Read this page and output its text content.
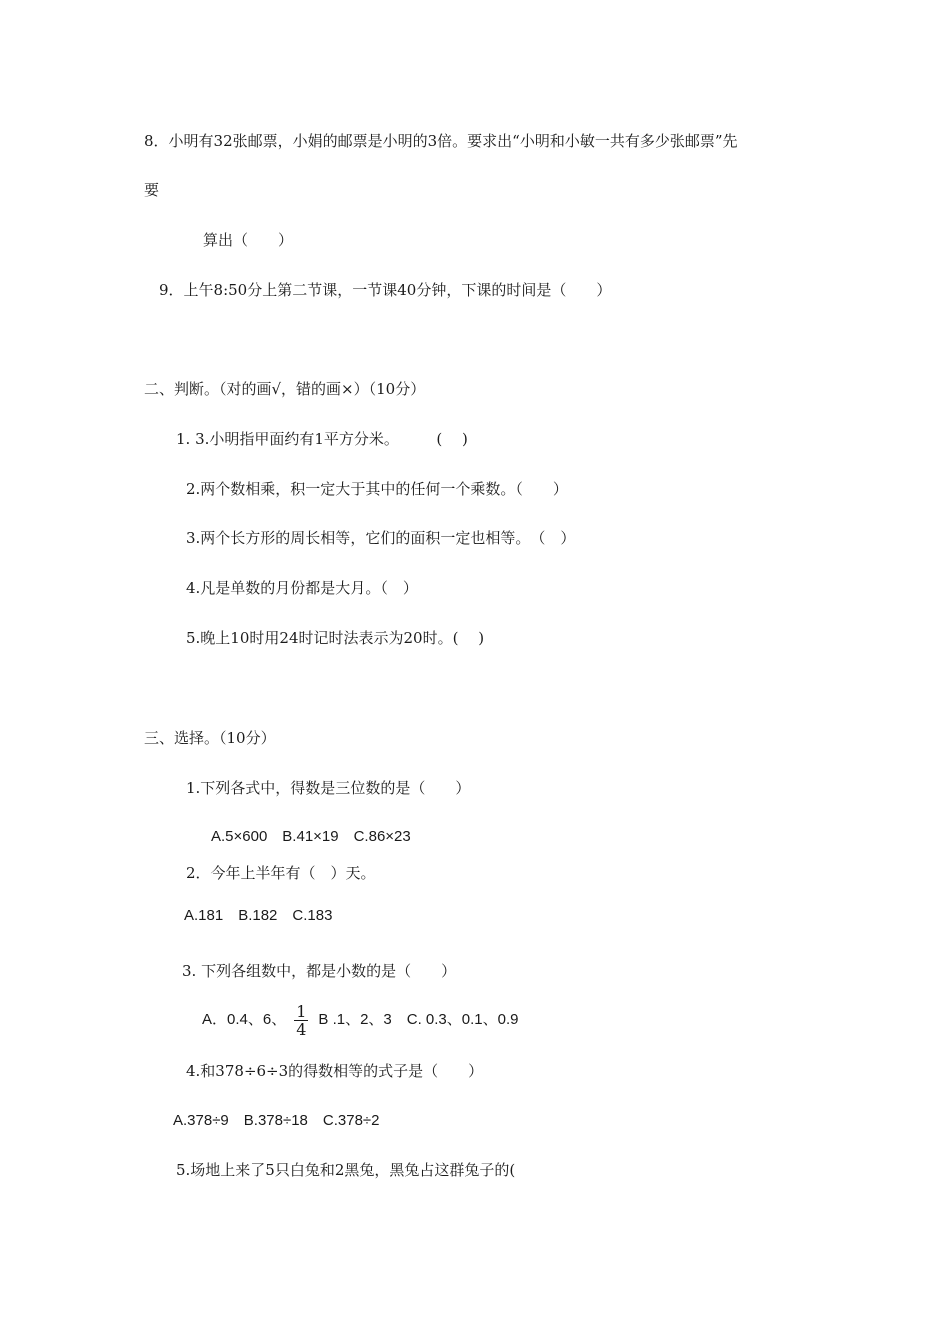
8．小明有32张邮票，小娟的邮票是小明的3倍。要求出“小明和小敏一共有多少张邮票”先
要
算出（　　）
9．上午8:50分上第二节课，一节课40分钟，下课的时间是（　　）
二、判断。（对的画√，错的画×）（10分）
1. 3.小明指甲面约有1平方分米。　　　(　 )
2.两个数相乘，积一定大于其中的任何一个乘数。（　　）
3.两个长方形的周长相等，它们的面积一定也相等。　（　）
4.凡是单数的月份都是大月。（　）
5.晚上10时用24时记时法表示为20时。(　 )
三、选择。（10分）
1.下列各式中，得数是三位数的是（　　）
A.5×600　B.41×19　C.86×23
2．今年上半年有（　）天。
A.181　B.182　C.183
3. 下列各组数中，都是小数的是（　　）
A．0.4、6、 $\frac{1}{4}$ B .1、2、3　C. 0.3、0.1、0.9
4.和378÷6÷3的得数相等的式子是（　　）
A.378÷9　B.378÷18　C.378÷2
5.场地上来了5只白兔和2黑兔，黑兔占这群兔子的(
